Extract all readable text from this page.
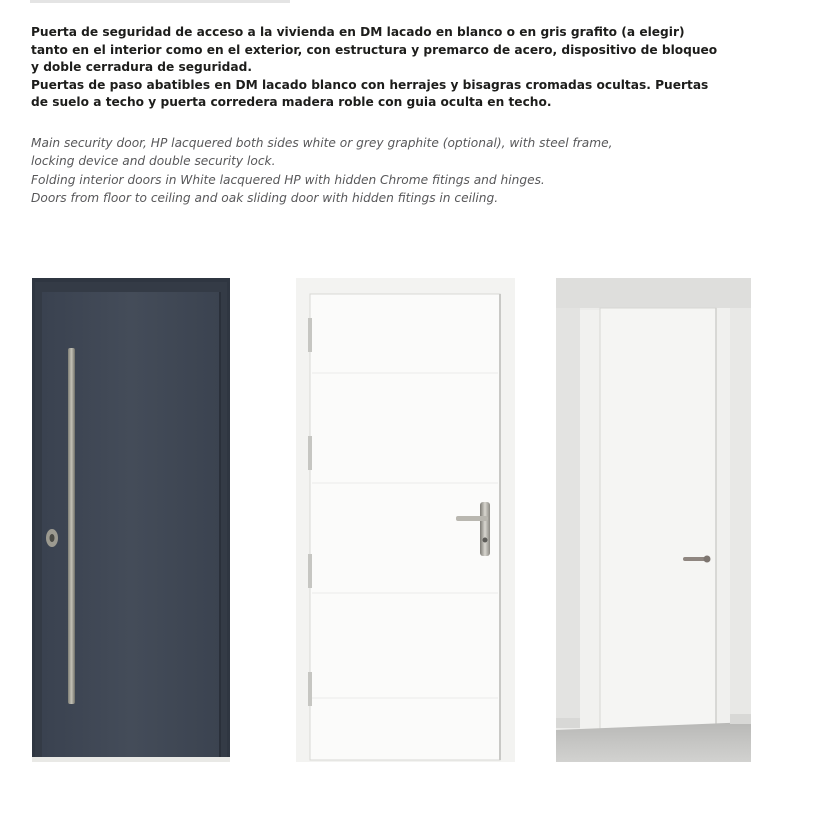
Puerta de seguridad de acceso a la vivienda en DM lacado en blanco o en gris grafito (a elegir)
tanto en el interior como en el exterior, con estructura y premarco de acero, dispositivo de bloqueo
y doble cerradura de seguridad.
Puertas de paso abatibles en DM lacado blanco con herrajes y bisagras cromadas ocultas. Puertas
de suelo a techo y puerta corredera madera roble con guia oculta en techo.
Main security door, HP lacquered both sides white or grey graphite (optional), with steel frame,
locking device and double security lock.
Folding interior doors in White lacquered HP with hidden Chrome fitings and hinges.
Doors from floor to ceiling and oak sliding door with hidden fitings in ceiling.
